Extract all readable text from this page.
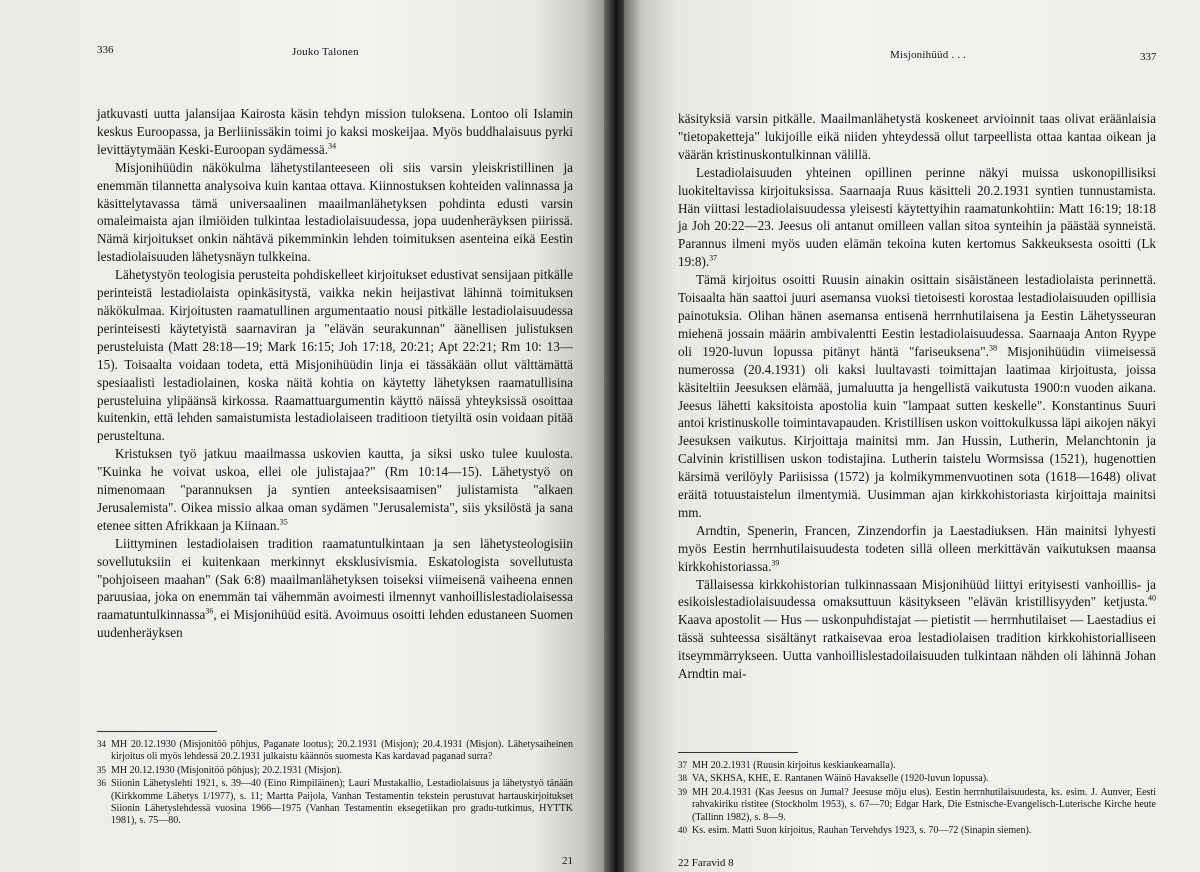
336	Jouko Talonen

jatkuvasti uutta jalansijaa Kairosta käsin tehdyn mission tuloksena. Lontoo oli Islamin keskus Euroopassa, ja Berliinissäkin toimi jo kaksi moskeijaa. Myös buddhalaisuus pyrki levittäytymään Keski-Euroopan sydämessä.$^{34}$

Misjonihüüdin näkökulma lähetystilanteeseen oli siis varsin yleiskristillinen ja enemmän tilannetta analysoiva kuin kantaa ottava. Kiinnostuksen kohteiden valinnassa ja käsittelytavassa tämä universaalinen maailmanlähetyksen pohdinta edusti varsin omaleimaista ajan ilmiöiden tulkintaa lestadiolaisuudessa, jopa uudenheräyksen piirissä. Nämä kirjoitukset onkin nähtävä pikemminkin lehden toimituksen asenteina eikä Eestin lestadiolaisuuden lähetysnäyn tulkkeina.

Lähetystyön teologisia perusteita pohdiskelleet kirjoitukset edustivat sensijaan pitkälle perinteistä lestadiolaista opinkäsitystä, vaikka nekin heijastivat lähinnä toimituksen näkökulmaa. Kirjoitusten raamatullinen argumentaatio nousi pitkälle lestadiolaisuudessa perinteisesti käytetyistä saarnaviran ja "elävän seurakunnan" äänellisen julistuksen perusteluista (Matt 28:18—19; Mark 16:15; Joh 17:18, 20:21; Apt 22:21; Rm 10: 13—15). Toisaalta voidaan todeta, että Misjonihüüdin linja ei tässäkään ollut välttämättä spesiaalisti lestadiolainen, koska näitä kohtia on käytetty lähetyksen raamatullisina perusteluina ylipäänsä kirkossa. Raamattuargumentin käyttö näissä yhteyksissä osoittaa kuitenkin, että lehden samaistumista lestadiolaiseen traditioon tietyiltä osin voidaan pitää perusteltuna.

Kristuksen työ jatkuu maailmassa uskovien kautta, ja siksi usko tulee kuulosta. "Kuinka he voivat uskoa, ellei ole julistajaa?" (Rm 10:14—15). Lähetystyö on nimenomaan "parannuksen ja syntien anteeksisaamisen" julistamista "alkaen Jerusalemista". Oikea missio alkaa oman sydämen "Jerusalemista", siis yksilöstä ja sana etenee sitten Afrikkaan ja Kiinaan.$^{35}$

Liittyminen lestadiolaisen tradition raamatuntulkintaan ja sen lähetysteologisiin sovellutuksiin ei kuitenkaan merkinnyt eksklusivismia. Eskatologista sovellutusta "pohjoiseen maahan" (Sak 6:8) maailmanlähetyksen toiseksi viimeisenä vaiheena ennen paruusiaa, joka on enemmän tai vähemmän avoimesti ilmennyt vanhoillislestadiolaisessa raamatuntulkinnassa$^{36}$, ei Misjonihüüd esitä. Avoimuus osoitti lehden edustaneen Suomen uudenheräyksen

34 MH 20.12.1930 (Misjonitöö põhjus, Paganate lootus); 20.2.1931 (Misjon); 20.4.1931 (Misjon). Lähetysaiheinen kirjoitus oli myös lehdessä 20.2.1931 julkaistu käännös suomesta Kas kardavad paganad surra?

35 MH 20.12.1930 (Misjonitöö põhjus); 20.2.1931 (Misjon).

36 Siionin Lähetyslehti 1921, s. 39—40 (Eino Rimpiläinen); Lauri Mustakallio, Lestadiolaisuus ja lähetystyö tänään (Kirkkomme Lähetys 1/1977), s. 11; Martta Paijola, Vanhan Testamentin tekstein perustuvat hartauskirjoitukset Siionin Lähetyslehdessä vuosina 1966—1975 (Vanhan Testamentin eksegetiikan pro gradu-tutkimus, HYTTK 1981), s. 75—80.

21
Misjonihüüd . . .	337

käsityksiä varsin pitkälle. Maailmanlähetystä koskeneet arvioinnit taas olivat eräänlaisia "tietopaketteja" lukijoille eikä niiden yhteydessä ollut tarpeellista ottaa kantaa oikean ja väärän kristinuskontulkinnan välillä.

Lestadiolaisuuden yhteinen opillinen perinne näkyi muissa uskonopillisiksi luokiteltavissa kirjoituksissa. Saarnaaja Ruus käsitteli 20.2.1931 syntien tunnustamista. Hän viittasi lestadiolaisuudessa yleisesti käytettyihin raamatunkohtiin: Matt 16:19; 18:18 ja Joh 20:22—23. Jeesus oli antanut omilleen vallan sitoa synteihin ja päästää synneistä. Parannus ilmeni myös uuden elämän tekoina kuten kertomus Sakkeuksesta osoitti (Lk 19:8).$^{37}$

Tämä kirjoitus osoitti Ruusin ainakin osittain sisäistäneen lestadiolaista perinnettä. Toisaalta hän saattoi juuri asemansa vuoksi tietoisesti korostaa lestadiolaisuuden opillisia painotuksia. Olihan hänen asemansa entisenä herrnhutilaisena ja Eestin Lähetysseuran miehenä jossain määrin ambivalentti Eestin lestadiolaisuudessa. Saarnaaja Anton Ryype oli 1920-luvun lopussa pitänyt häntä "fariseuksena".$^{38}$ Misjonihüüdin viimeisessä numerossa (20.4.1931) oli kaksi luultavasti toimittajan laatimaa kirjoitusta, joissa käsiteltiin Jeesuksen elämää, jumaluutta ja hengellistä vaikutusta 1900:n vuoden aikana. Jeesus lähetti kaksitoista apostolia kuin "lampaat sutten keskelle". Konstantinus Suuri antoi kristinuskolle toimintavapauden. Kristillisen uskon voittokulkussa läpi aikojen näkyi Jeesuksen vaikutus. Kirjoittaja mainitsi mm. Jan Hussin, Lutherin, Melanchtonin ja Calvinin kristillisen uskon todistajina. Lutherin taistelu Wormsissa (1521), hugenottien kärsimä verilöyly Pariisissa (1572) ja kolmikymmenvuotinen sota (1618—1648) olivat eräitä totuustaistelun ilmentymiä. Uusimman ajan kirkkohistoriasta kirjoittaja mainitsi mm.

Arndtin, Spenerin, Francen, Zinzendorfin ja Laestadiuksen. Hän mainitsi lyhyesti myös Eestin herrnhutilaisuudesta todeten sillä olleen merkittävän vaikutuksen maansa kirkkohistoriassa.$^{39}$

Tällaisessa kirkkohistorian tulkinnassaan Misjonihüüd liittyi erityisesti vanhoillis- ja esikoislestadiolaisuudessa omaksuttuun käsitykseen "elävän kristillisyyden" ketjusta.$^{40}$ Kaava apostolit — Hus — uskonpuhdistajat — pietistit — herrnhutilaiset — Laestadius ei tässä suhteessa sisältänyt ratkaisevaa eroa lestadiolaisen tradition kirkkohistorialliseen itseymmärrykseen. Uutta vanhoillislestadoilaisuuden tulkintaan nähden oli lähinnä Johan Arndtin mai-

37 MH 20.2.1931 (Ruusin kirjoitus keskiaukeamalla).

38 VA, SKHSA, KHE, E. Rantanen Wäinö Havakselle (1920-luvun lopussa).

39 MH 20.4.1931 (Kas Jeesus on Jumal? Jeesuse mõju elus). Eestin herrnhutilaisuudesta, ks. esim. J. Aunver, Eesti rahvakiriku ristitee (Stockholm 1953), s. 67—70; Edgar Hark, Die Estnische-Evangelisch-Luterische Kirche heute (Tallinn 1982), s. 8—9.

40 Ks. esim. Matti Suon kirjoitus, Rauhan Tervehdys 1923, s. 70—72 (Sinapin siemen).

22 Faravid 8
